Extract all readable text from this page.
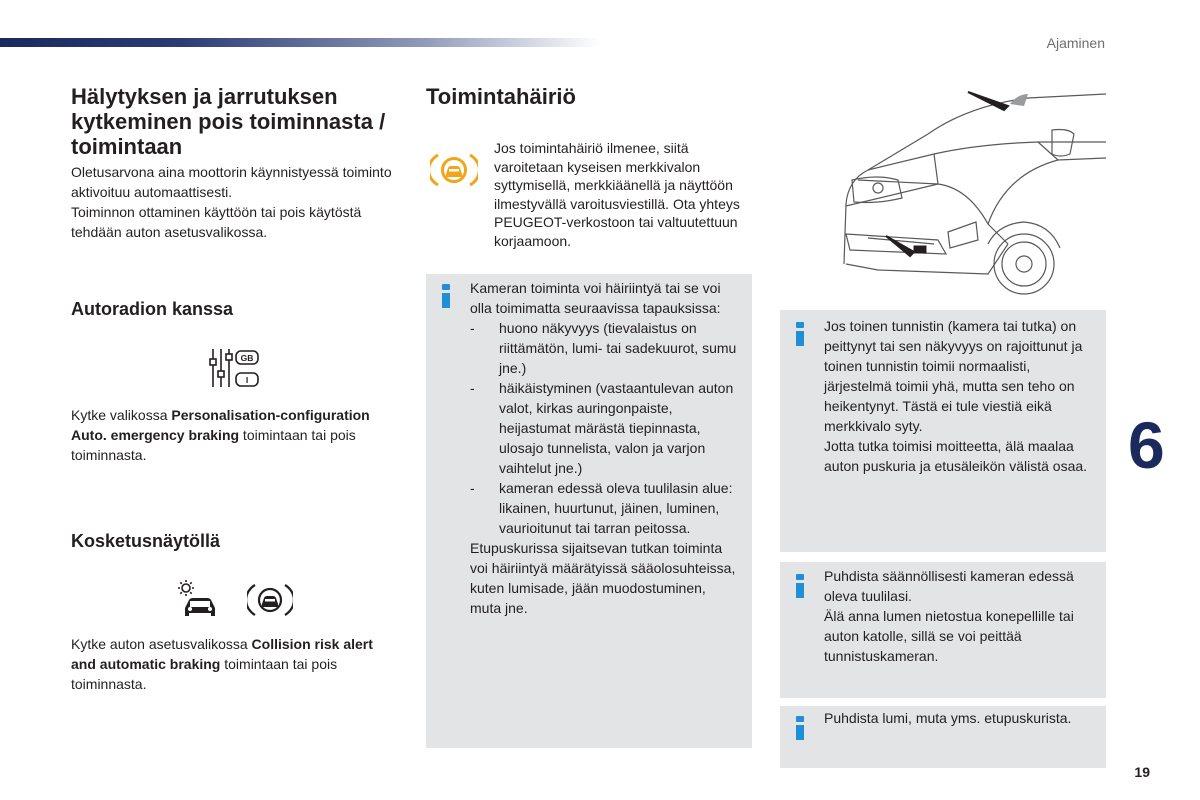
Ajaminen
19
6
Hälytyksen ja jarrutuksen kytkeminen pois toiminnasta / toimintaan

Oletusarvona aina moottorin käynnistyessä toiminto aktivoituu automaattisesti.

Toiminnon ottaminen käyttöön tai pois käytöstä tehdään auton asetusvalikossa.

Autoradion kanssa
GB
I
Kytke valikossa Personalisation-configuration Auto. emergency braking toimintaan tai pois toiminnasta.
Kosketusnäytöllä
Kytke auton asetusvalikossa Collision risk alert and automatic braking toimintaan tai pois toiminnasta.
Toimintahäiriö
Jos toimintahäiriö ilmenee, siitä varoitetaan kyseisen merkkivalon syttymisellä, merkkiäänellä ja näyttöön ilmestyvällä varoitusviestillä. Ota yhteys PEUGEOT-verkostoon tai valtuutettuun korjaamoon.

Kameran toiminta voi häiriintyä tai se voi olla toimimatta seuraavissa tapauksissa:

- huono näkyvyys (tievalaistus on riittämätön, lumi- tai sadekuurot, sumu jne.)
- häikäistyminen (vastaantulevan auton valot, kirkas auringonpaiste, heijastumat märästä tiepinnasta, ulosajo tunnelista, valon ja varjon vaihtelut jne.)
- kameran edessä oleva tuulilasin alue: likainen, huurtunut, jäinen, luminen, vaurioitunut tai tarran peitossa.

Etupuskurissa sijaitsevan tutkan toiminta voi häiriintyä määrätyissä sääolosuhteissa, kuten lumisade, jään muodostuminen, muta jne.

Jos toinen tunnistin (kamera tai tutka) on peittynyt tai sen näkyvyys on rajoittunut ja toinen tunnistin toimii normaalisti, järjestelmä toimii yhä, mutta sen teho on heikentynyt. Tästä ei tule viestiä eikä merkkivalo syty.

Jotta tutka toimisi moitteetta, älä maalaa auton puskuria ja etusäleikön välistä osaa.

Puhdista säännöllisesti kameran edessä oleva tuulilasi.

Älä anna lumen nietostua konepellille tai auton katolle, sillä se voi peittää tunnistuskameran.

Puhdista lumi, muta yms. etupuskurista.
